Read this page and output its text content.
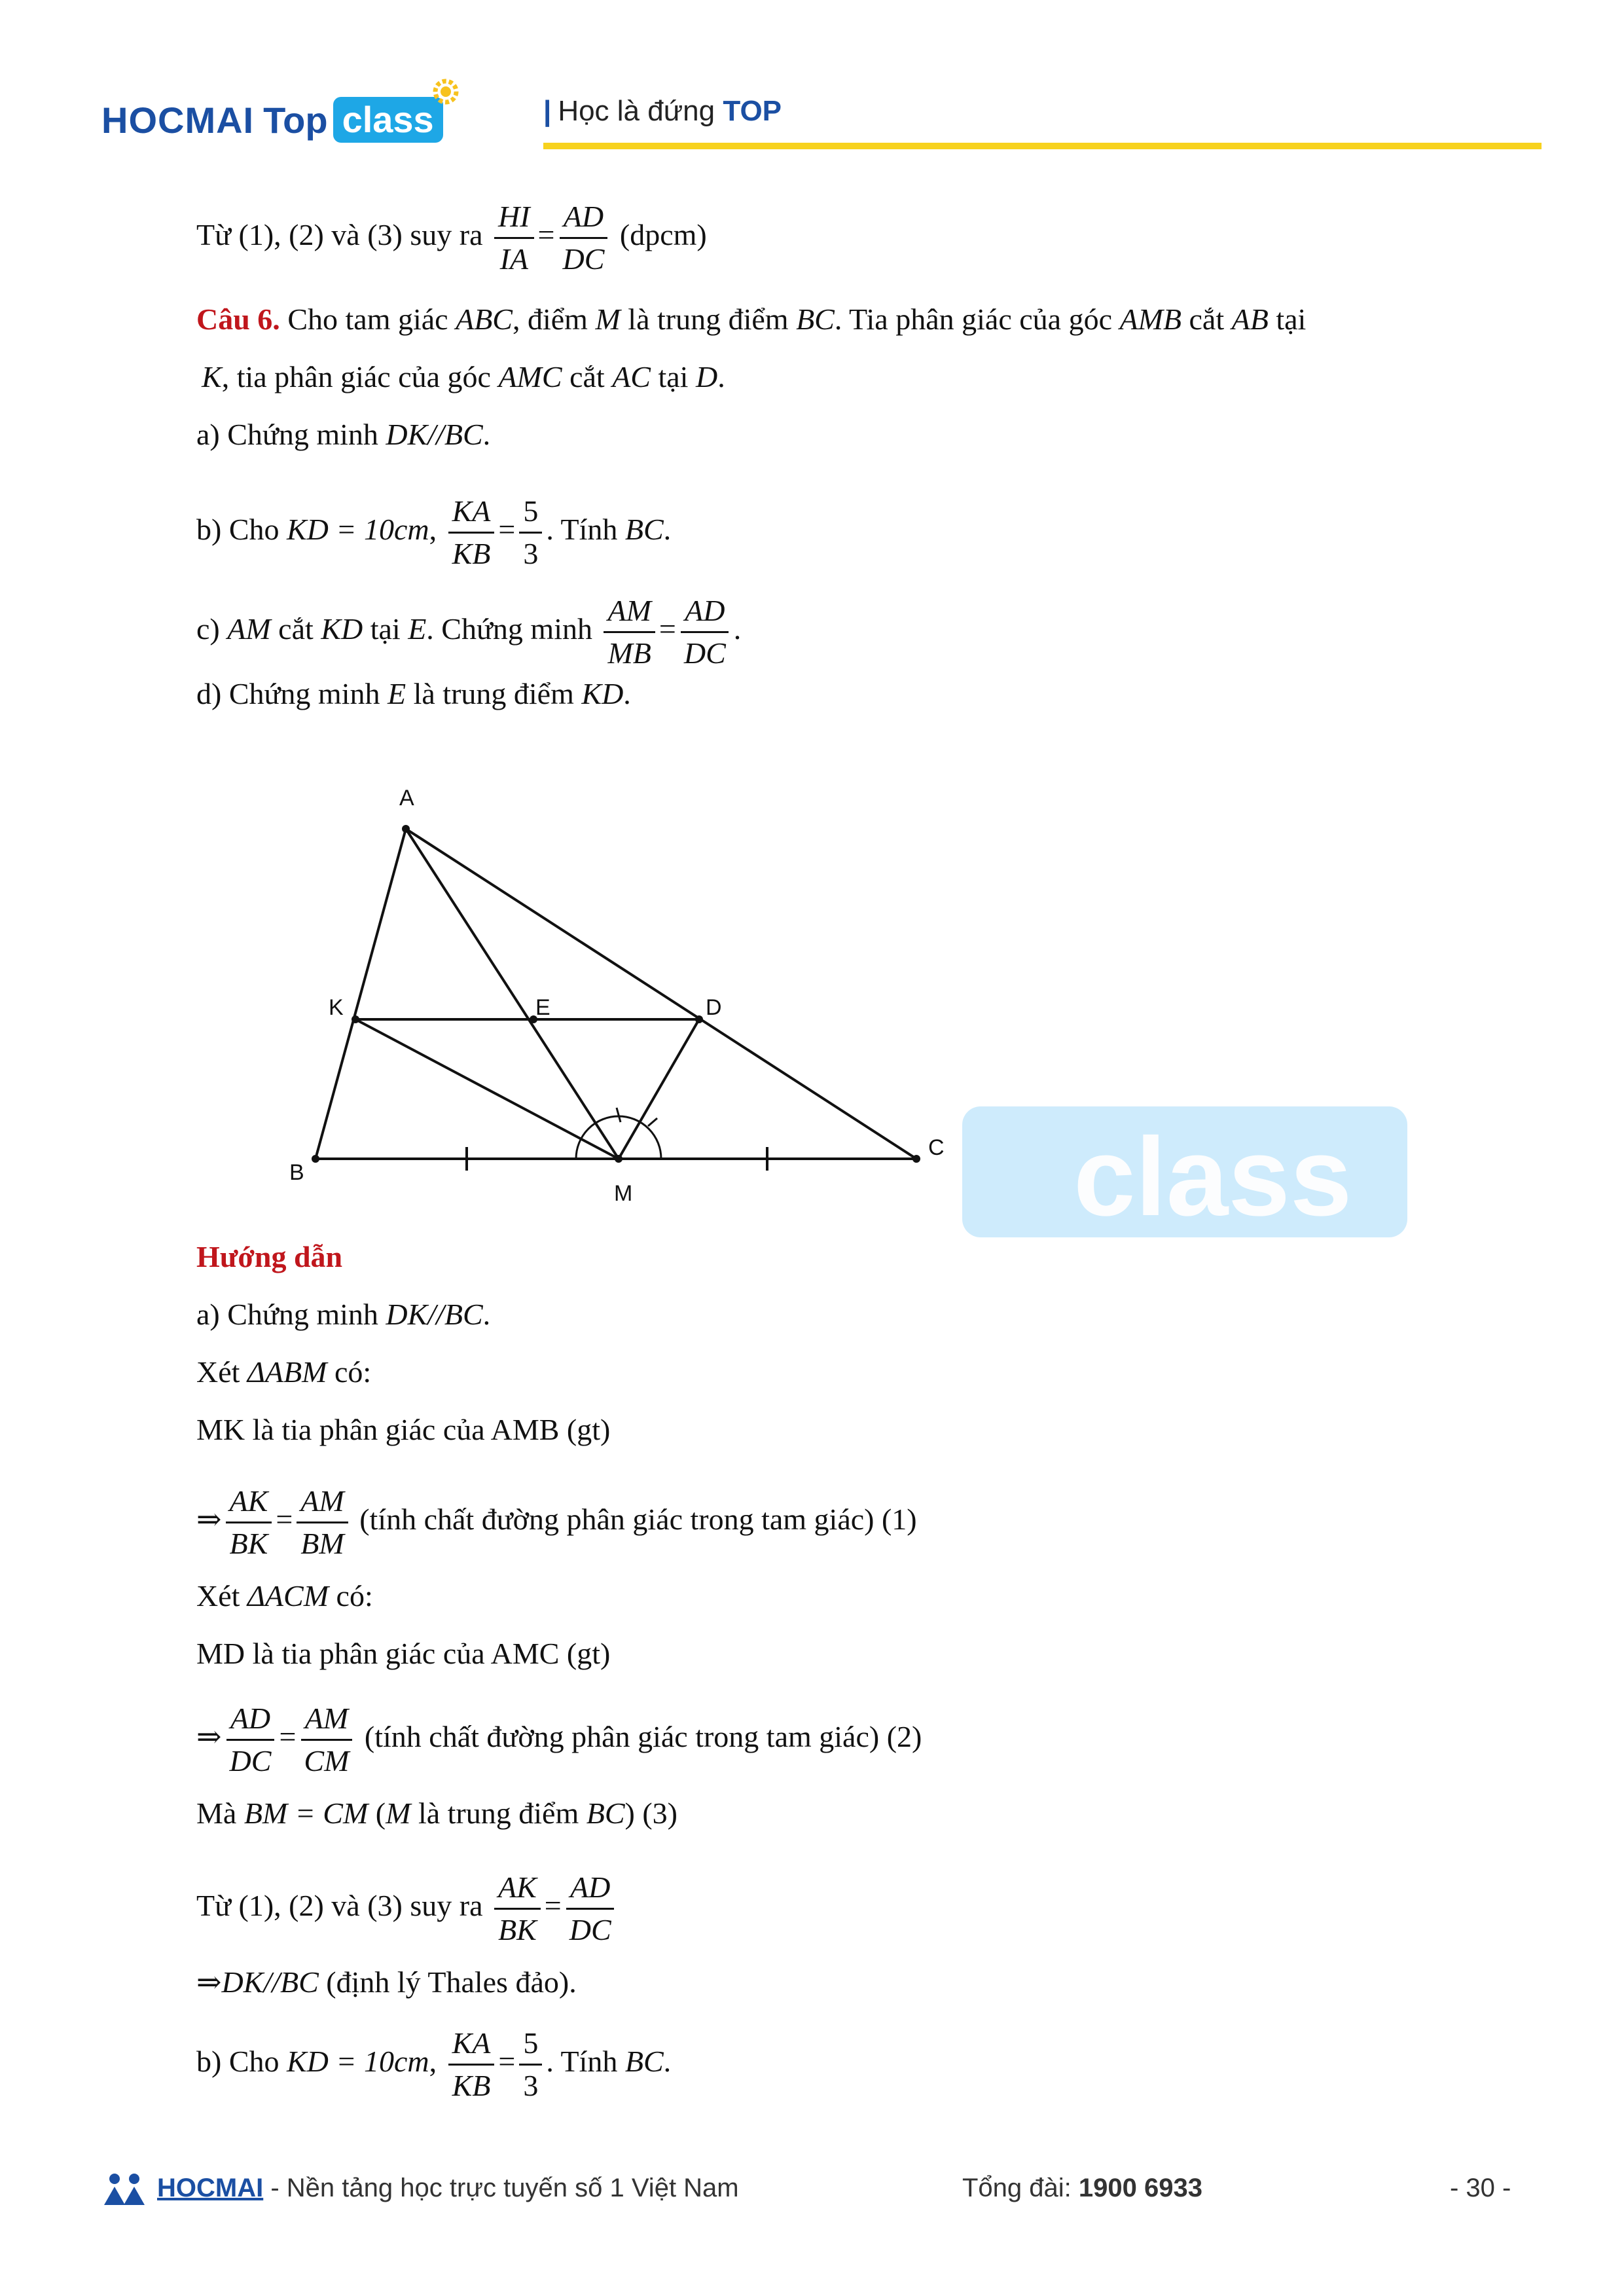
HOCMAI Top class	| Học là đứng TOP
Từ (1), (2) và (3) suy ra $\frac{HI}{IA} = \frac{AD}{DC}$ (dpcm)
Câu 6. Cho tam giác ABC, điểm M là trung điểm BC. Tia phân giác của góc AMB cắt AB tại
K, tia phân giác của góc AMC cắt AC tại D.
a) Chứng minh DK//BC.
b) Cho KD = 10cm, $\frac{KA}{KB} = \frac{5}{3}$ . Tính BC.
c) AM cắt KD tại E. Chứng minh $\frac{AM}{MB} = \frac{AD}{DC}$ .
d) Chứng minh E là trung điểm KD.
class
A
K	E	D
B
M
C
Hướng dẫn
a) Chứng minh DK//BC.
Xét ΔABM có:
MK là tia phân giác của AMB (gt)
⇒ $\frac{AK}{BK} = \frac{AM}{BM}$ (tính chất đường phân giác trong tam giác) (1)
Xét ΔACM có:
MD là tia phân giác của AMC (gt)
⇒ $\frac{AD}{DC} = \frac{AM}{CM}$ (tính chất đường phân giác trong tam giác) (2)
Mà BM = CM (M là trung điểm BC) (3)
Từ (1), (2) và (3) suy ra $\frac{AK}{BK} = \frac{AD}{DC}$
⇒DK//BC (định lý Thales đảo).
b) Cho KD = 10cm, $\frac{KA}{KB} = \frac{5}{3}$ . Tính BC.
HOCMAI - Nền tảng học trực tuyến số 1 Việt Nam	Tổng đài: 1900 6933	- 30 -
